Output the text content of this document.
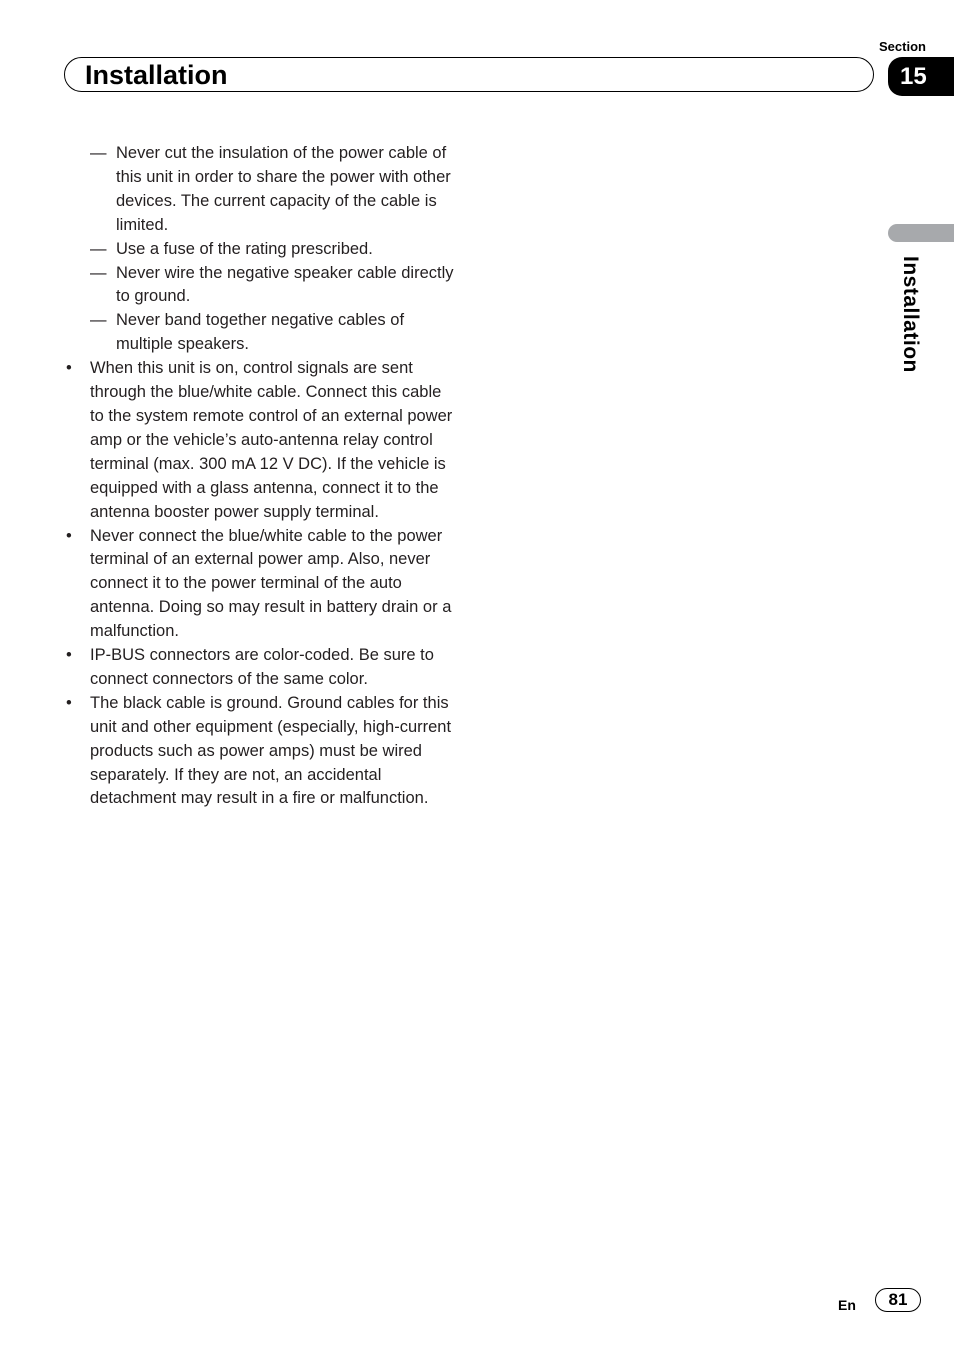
Section
Installation	15
Installation
— Never cut the insulation of the power cable of this unit in order to share the power with other devices. The current capacity of the cable is limited.
— Use a fuse of the rating prescribed.
— Never wire the negative speaker cable directly to ground.
— Never band together negative cables of multiple speakers.
• When this unit is on, control signals are sent through the blue/white cable. Connect this cable to the system remote control of an external power amp or the vehicle’s auto-antenna relay control terminal (max. 300 mA 12 V DC). If the vehicle is equipped with a glass antenna, connect it to the antenna booster power supply terminal.
• Never connect the blue/white cable to the power terminal of an external power amp. Also, never connect it to the power terminal of the auto antenna. Doing so may result in battery drain or a malfunction.
• IP-BUS connectors are color-coded. Be sure to connect connectors of the same color.
• The black cable is ground. Ground cables for this unit and other equipment (especially, high-current products such as power amps) must be wired separately. If they are not, an accidental detachment may result in a fire or malfunction.
En	81
